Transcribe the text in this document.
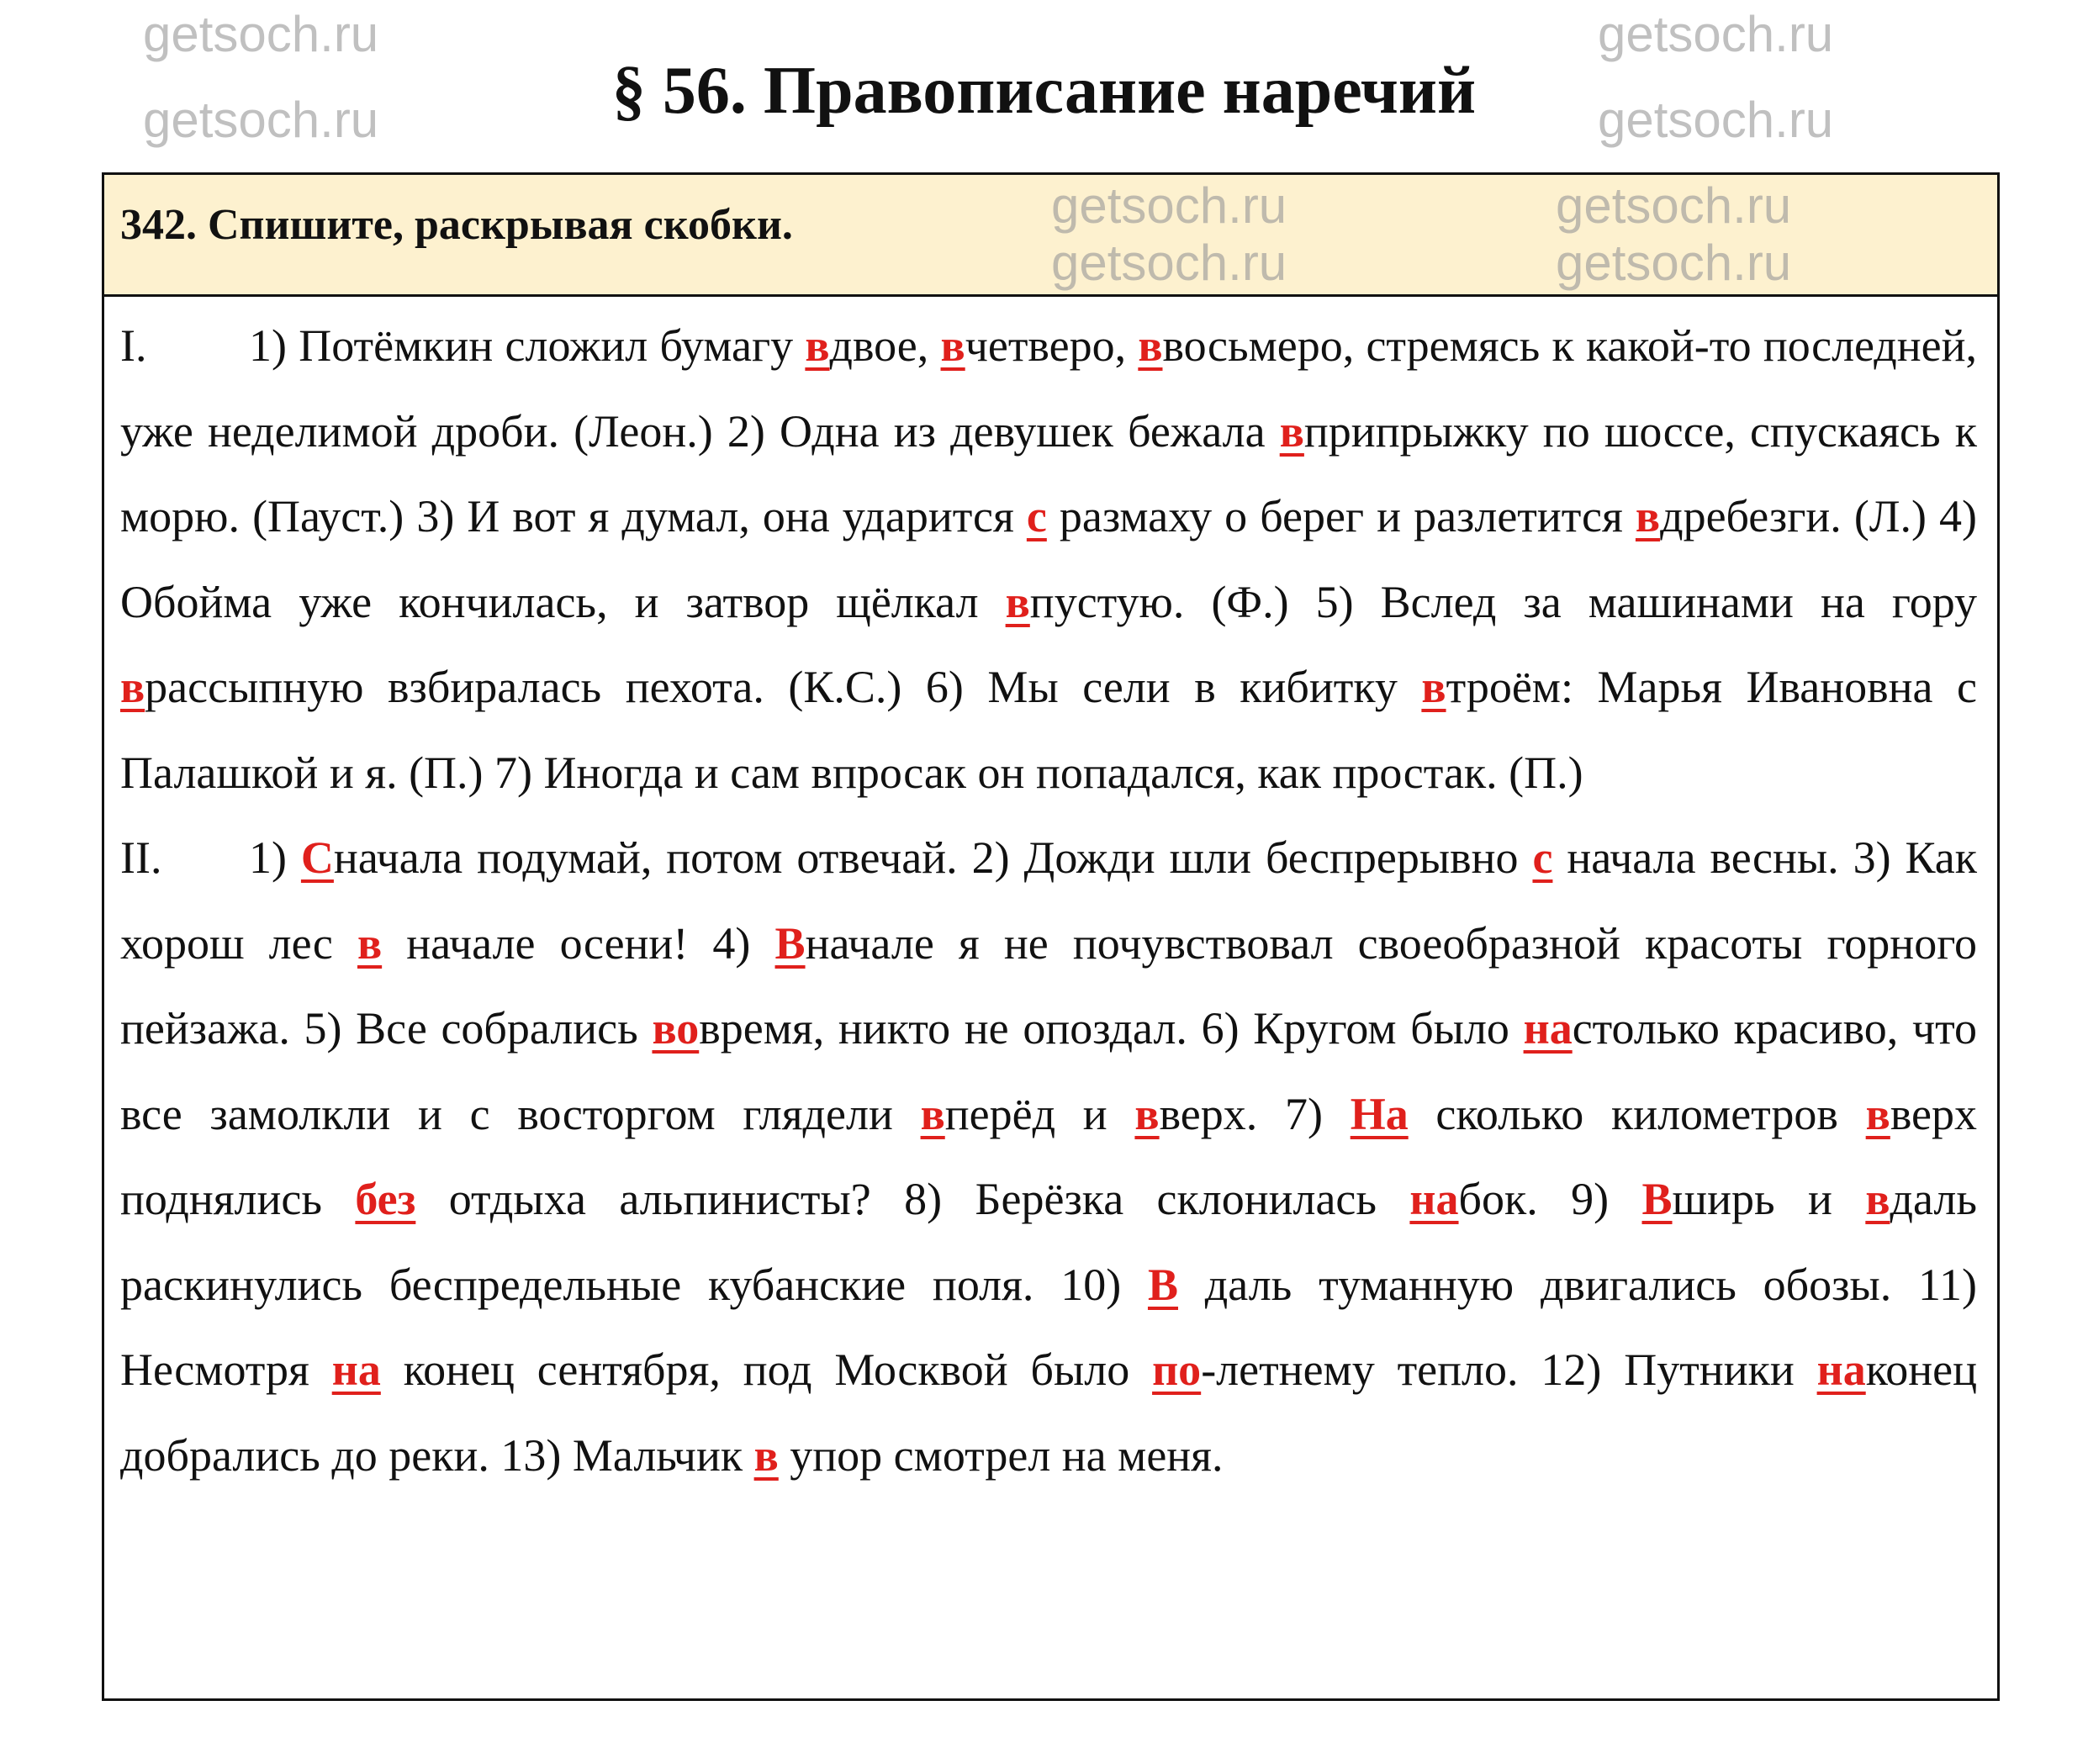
§ 56. Правописание наречий
342. Спишите, раскрывая скобки.

I. 1) Потёмкин сложил бумагу вдвое, вчетверо, ввосьмеро, стремясь к какой-то последней, уже неделимой дроби. (Леон.) 2) Одна из девушек бежала вприпрыжку по шоссе, спускаясь к морю. (Пауст.) 3) И вот я думал, она ударится с размаху о берег и разлетится вдребезги. (Л.) 4) Обойма уже кончилась, и затвор щёлкал впустую. (Ф.) 5) Вслед за машинами на гору врассыпную взбиралась пехота. (К.С.) 6) Мы сели в кибитку втроём: Марья Ивановна с Палашкой и я. (П.) 7) Иногда и сам впросак он попадался, как простак. (П.)

II. 1) Сначала подумай, потом отвечай. 2) Дожди шли беспрерывно с начала весны. 3) Как хорош лес в начале осени! 4) Вначале я не почувствовал своеобразной красоты горного пейзажа. 5) Все собрались вовремя, никто не опоздал. 6) Кругом было настолько красиво, что все замолкли и с восторгом глядели вперёд и вверх. 7) На сколько километров вверх поднялись без отдыха альпинисты? 8) Берёзка склонилась набок. 9) Вширь и вдаль раскинулись беспредельные кубанские поля. 10) В даль туманную двигались обозы. 11) Несмотря на конец сентября, под Москвой было по-летнему тепло. 12) Путники наконец добрались до реки. 13) Мальчик в упор смотрел на меня.

getsoch.ru
getsoch.ru
getsoch.ru
getsoch.ru
getsoch.ru	getsoch.ru
getsoch.ru	getsoch.ru
